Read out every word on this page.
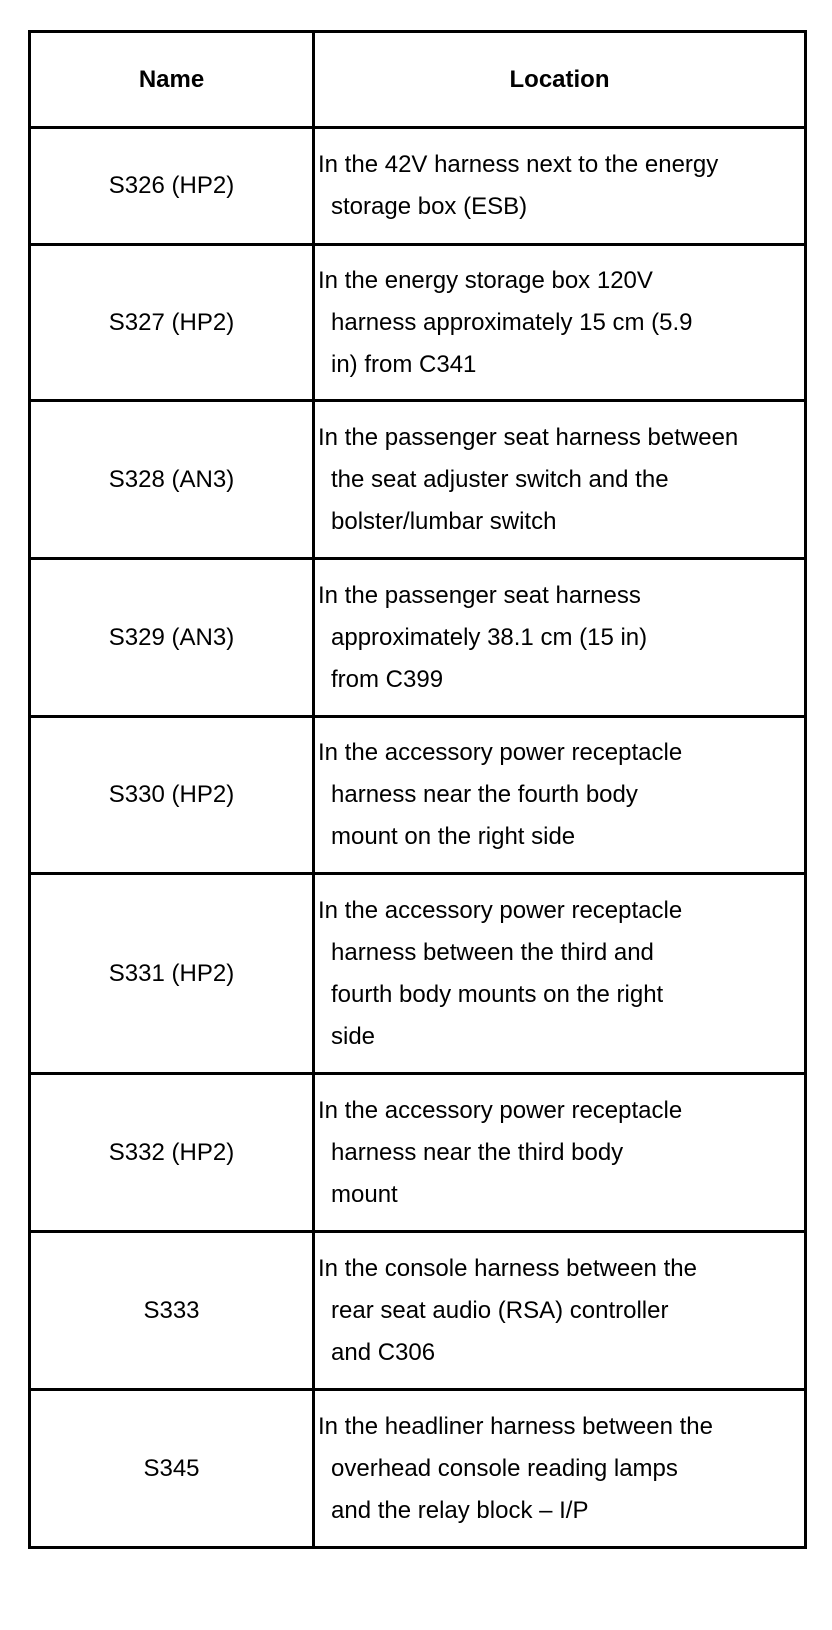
Name	Location
S326 (HP2)	In the 42V harness next to the energy
storage box (ESB)

S327 (HP2)	In the energy storage box 120V
harness approximately 15 cm (5.9
in) from C341

S328 (AN3)	In the passenger seat harness between
the seat adjuster switch and the
bolster/lumbar switch

S329 (AN3)	In the passenger seat harness
approximately 38.1 cm (15 in)
from C399

S330 (HP2)	In the accessory power receptacle
harness near the fourth body
mount on the right side

S331 (HP2)	In the accessory power receptacle
harness between the third and
fourth body mounts on the right
side

S332 (HP2)	In the accessory power receptacle
harness near the third body
mount

S333	In the console harness between the
rear seat audio (RSA) controller
and C306

S345	In the headliner harness between the
overhead console reading lamps
and the relay block – I/P
